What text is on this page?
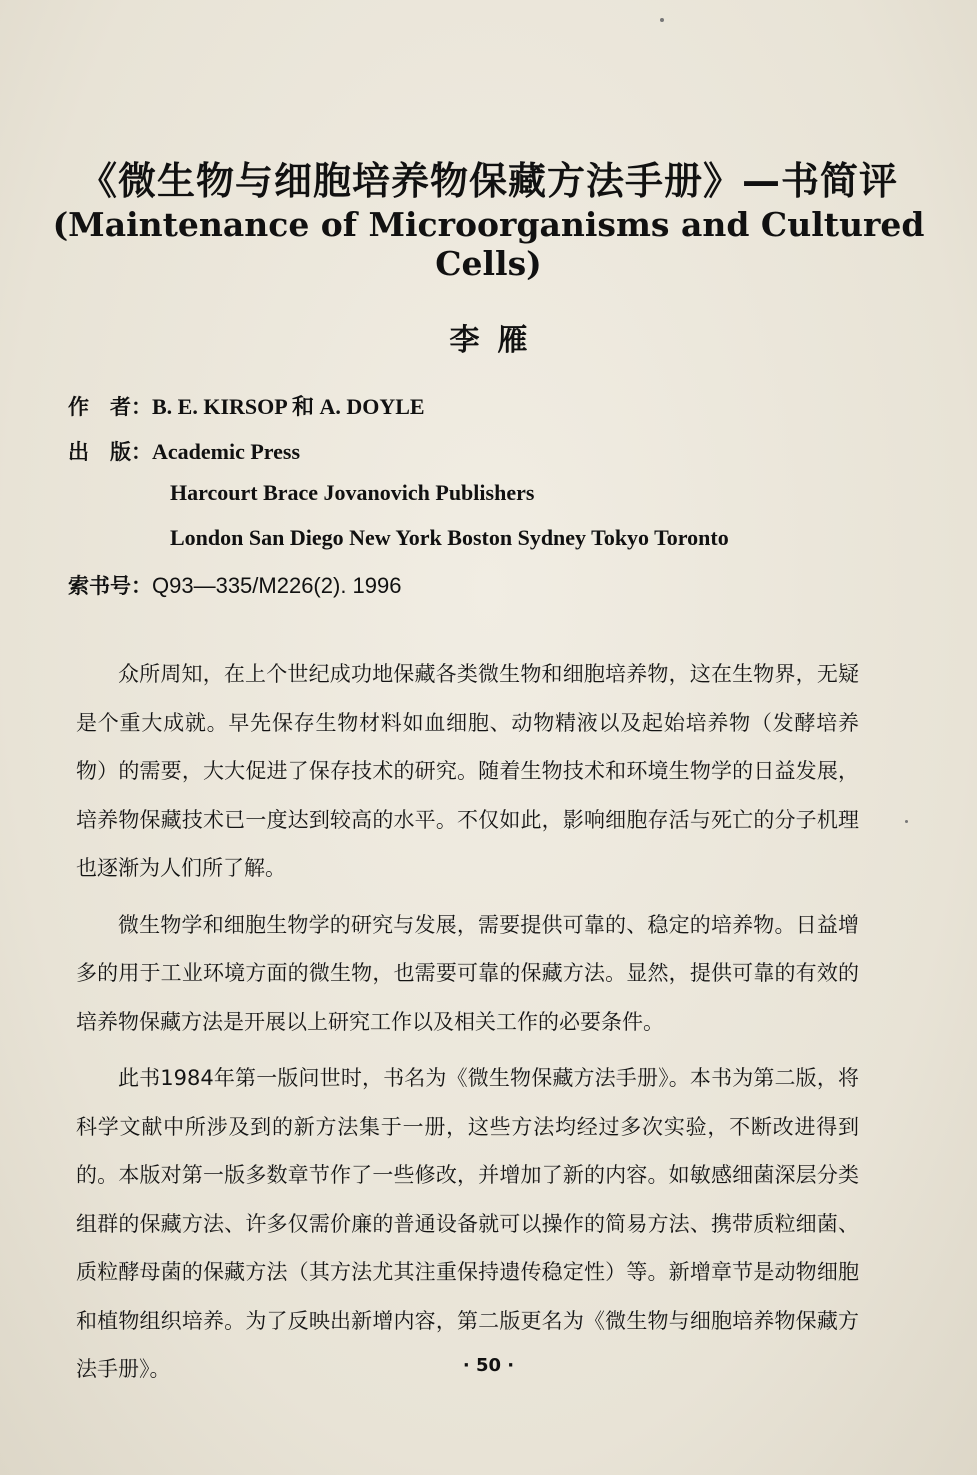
《微生物与细胞培养物保藏方法手册》—书简评
(Maintenance of Microorganisms and Cultured Cells)
李雁
作　者：B. E. KIRSOP 和 A. DOYLE
出　版：Academic Press
Harcourt Brace Jovanovich Publishers
London San Diego New York Boston Sydney Tokyo Toronto
索书号：Q93—335/M226(2). 1996

众所周知，在上个世纪成功地保藏各类微生物和细胞培养物，这在生物界，无疑是个重大成就。早先保存生物材料如血细胞、动物精液以及起始培养物（发酵培养物）的需要，大大促进了保存技术的研究。随着生物技术和环境生物学的日益发展，培养物保藏技术已一度达到较高的水平。不仅如此，影响细胞存活与死亡的分子机理也逐渐为人们所了解。

微生物学和细胞生物学的研究与发展，需要提供可靠的、稳定的培养物。日益增多的用于工业环境方面的微生物，也需要可靠的保藏方法。显然，提供可靠的有效的培养物保藏方法是开展以上研究工作以及相关工作的必要条件。

此书1984年第一版问世时，书名为《微生物保藏方法手册》。本书为第二版，将科学文献中所涉及到的新方法集于一册，这些方法均经过多次实验，不断改进得到的。本版对第一版多数章节作了一些修改，并增加了新的内容。如敏感细菌深层分类组群的保藏方法、许多仅需价廉的普通设备就可以操作的简易方法、携带质粒细菌、质粒酵母菌的保藏方法（其方法尤其注重保持遗传稳定性）等。新增章节是动物细胞和植物组织培养。为了反映出新增内容，第二版更名为《微生物与细胞培养物保藏方法手册》。	· 50 ·
